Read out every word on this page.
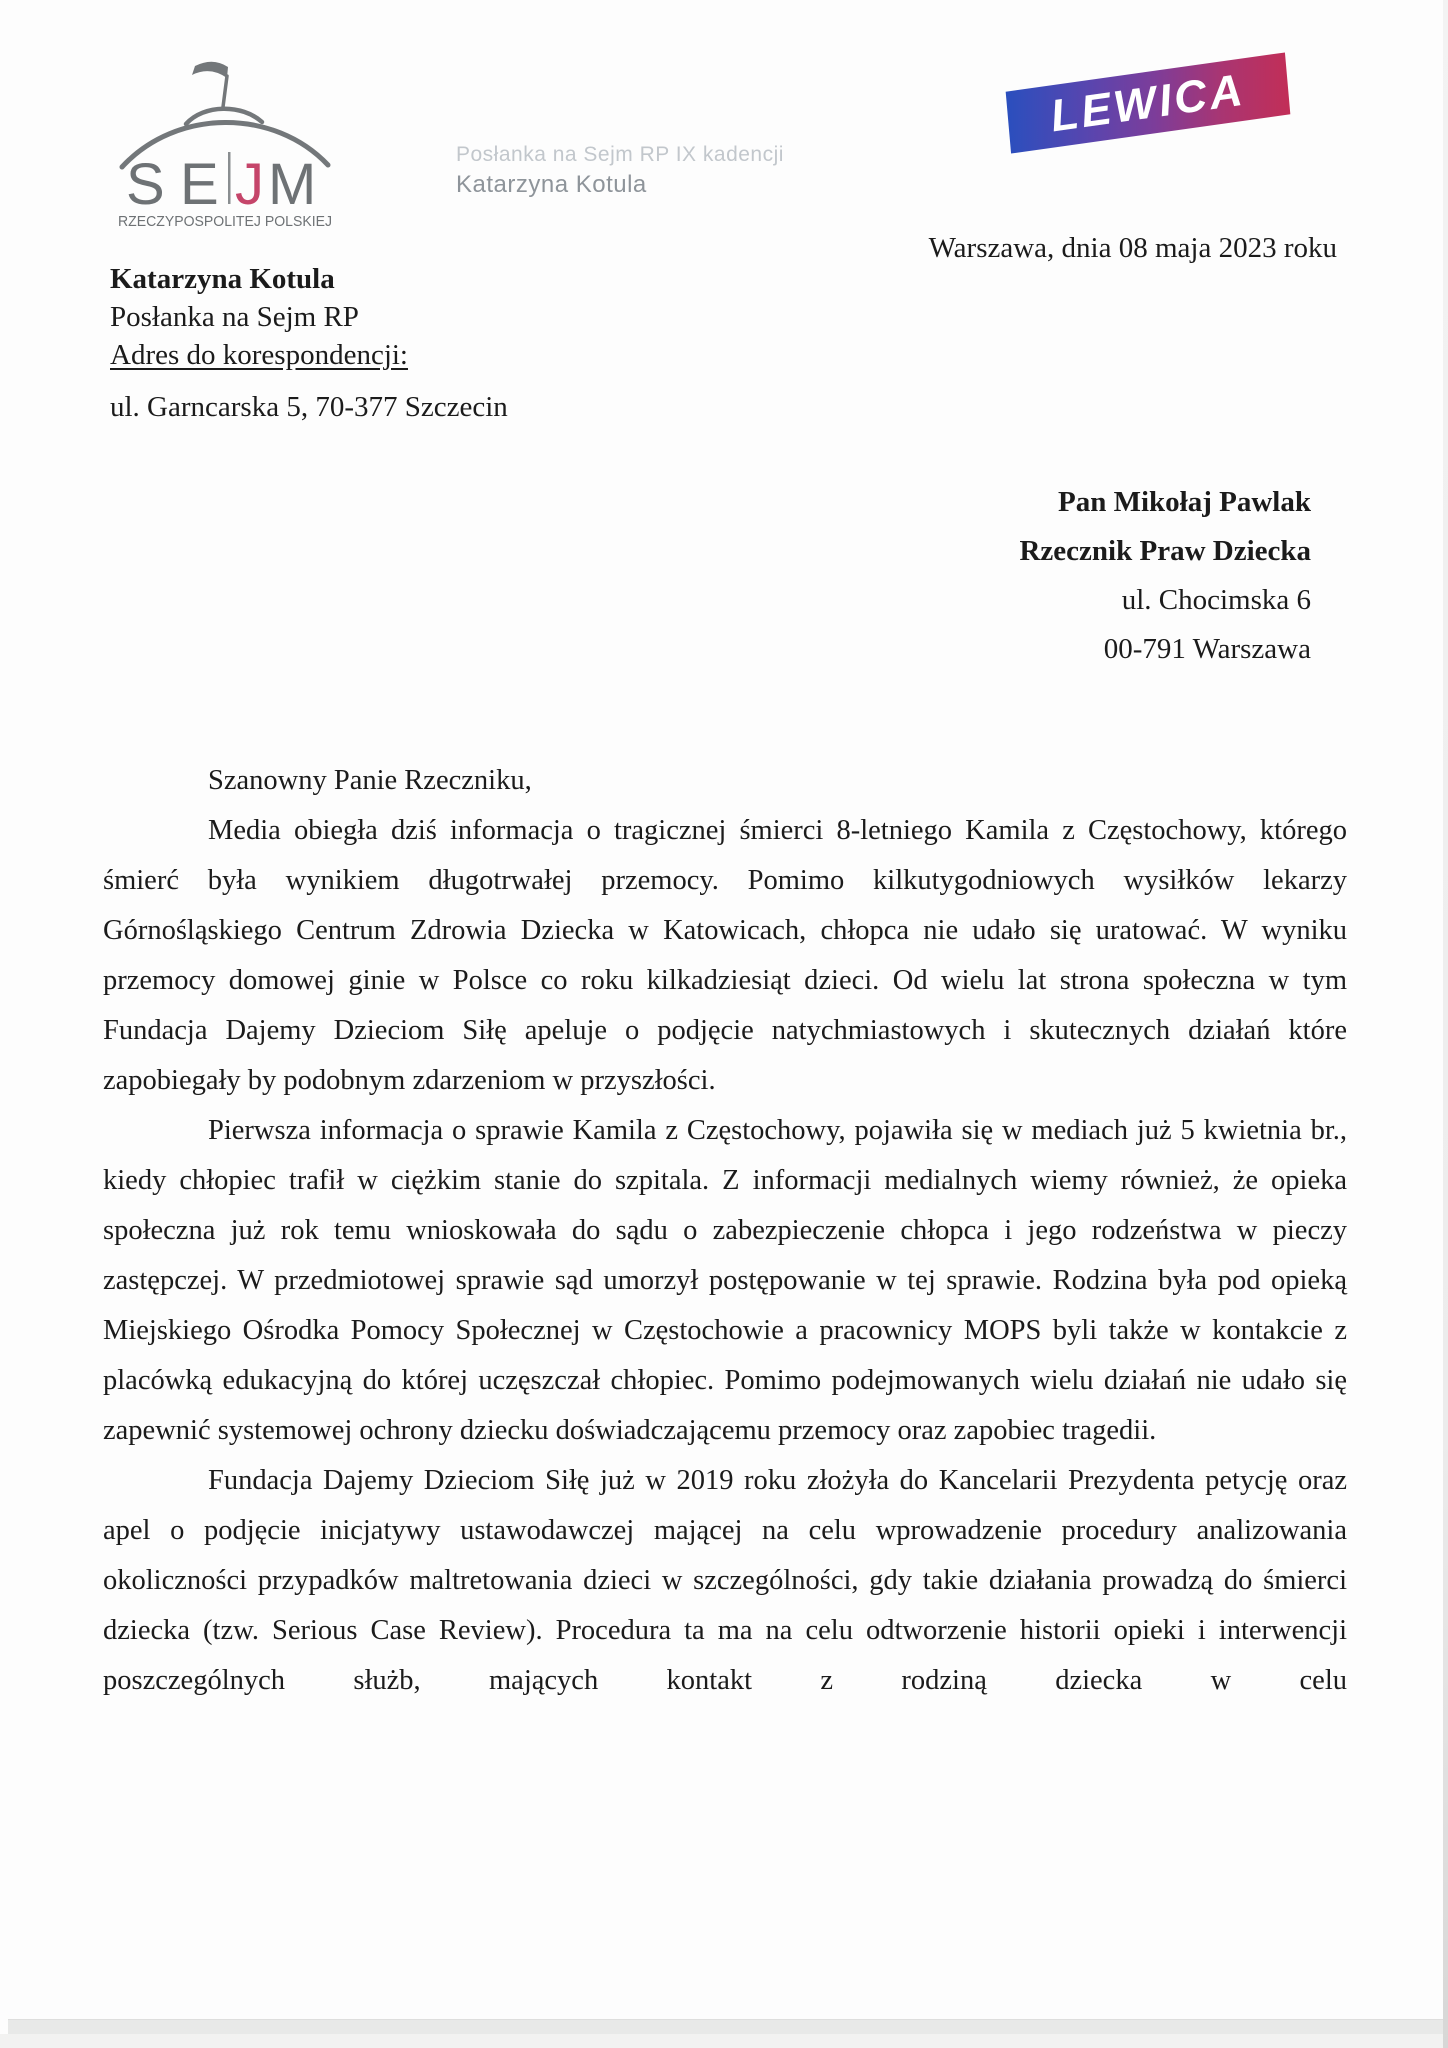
S E J M
RZECZYPOSPOLITEJ POLSKIEJ
Posłanka na Sejm RP IX kadencji
Katarzyna Kotula
LEWICA
Warszawa, dnia 08 maja 2023 roku
Katarzyna Kotula
Posłanka na Sejm RP
Adres do korespondencji:
ul. Garncarska 5, 70-377 Szczecin
Pan Mikołaj Pawlak
Rzecznik Praw Dziecka
ul. Chocimska 6
00-791 Warszawa

Szanowny Panie Rzeczniku,

Media obiegła dziś informacja o tragicznej śmierci 8-letniego Kamila z Częstochowy, którego śmierć była wynikiem długotrwałej przemocy. Pomimo kilkutygodniowych wysiłków lekarzy Górnośląskiego Centrum Zdrowia Dziecka w Katowicach, chłopca nie udało się uratować. W wyniku przemocy domowej ginie w Polsce co roku kilkadziesiąt dzieci. Od wielu lat strona społeczna w tym Fundacja Dajemy Dzieciom Siłę apeluje o podjęcie natychmiastowych i skutecznych działań które zapobiegały by podobnym zdarzeniom w przyszłości.

Pierwsza informacja o sprawie Kamila z Częstochowy, pojawiła się w mediach już 5 kwietnia br., kiedy chłopiec trafił w ciężkim stanie do szpitala. Z informacji medialnych wiemy również, że opieka społeczna już rok temu wnioskowała do sądu o zabezpieczenie chłopca i jego rodzeństwa w pieczy zastępczej. W przedmiotowej sprawie sąd umorzył postępowanie w tej sprawie. Rodzina była pod opieką Miejskiego Ośrodka Pomocy Społecznej w Częstochowie a pracownicy MOPS byli także w kontakcie z placówką edukacyjną do której uczęszczał chłopiec. Pomimo podejmowanych wielu działań nie udało się zapewnić systemowej ochrony dziecku doświadczającemu przemocy oraz zapobiec tragedii.

Fundacja Dajemy Dzieciom Siłę już w 2019 roku złożyła do Kancelarii Prezydenta petycję oraz apel o podjęcie inicjatywy ustawodawczej mającej na celu wprowadzenie procedury analizowania okoliczności przypadków maltretowania dzieci w szczególności, gdy takie działania prowadzą do śmierci dziecka (tzw. Serious Case Review). Procedura ta ma na celu odtworzenie historii opieki i interwencji poszczególnych służb, mających kontakt z rodziną dziecka w celu
